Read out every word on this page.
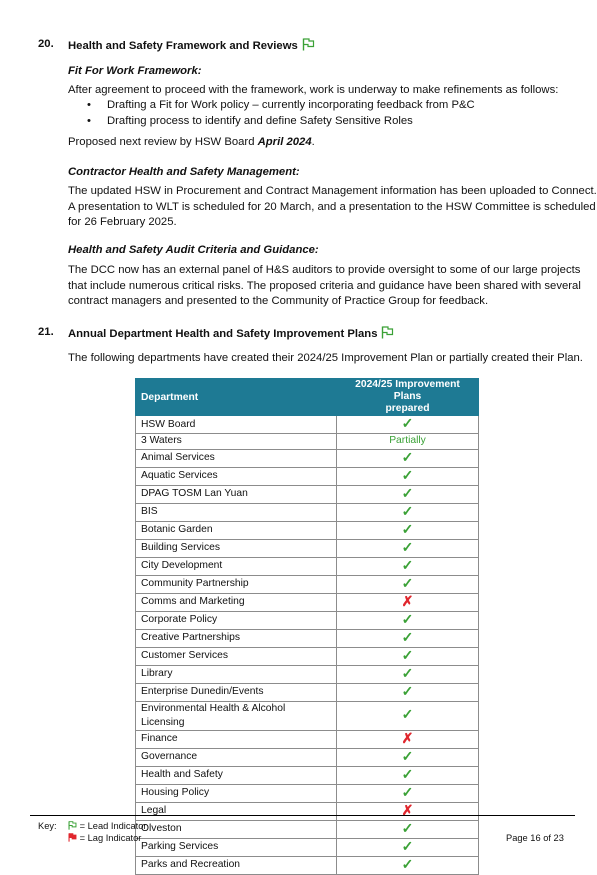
20. Health and Safety Framework and Reviews
Fit For Work Framework:
After agreement to proceed with the framework, work is underway to make refinements as follows:
• Drafting a Fit for Work policy – currently incorporating feedback from P&C
• Drafting process to identify and define Safety Sensitive Roles
Proposed next review by HSW Board April 2024.
Contractor Health and Safety Management:
The updated HSW in Procurement and Contract Management information has been uploaded to Connect.
A presentation to WLT is scheduled for 20 March, and a presentation to the HSW Committee is scheduled
for 26 February 2025.
Health and Safety Audit Criteria and Guidance:
The DCC now has an external panel of H&S auditors to provide oversight to some of our large projects
that include numerous critical risks. The proposed criteria and guidance have been shared with several
contract managers and presented to the Community of Practice Group for feedback.
21. Annual Department Health and Safety Improvement Plans
The following departments have created their 2024/25 Improvement Plan or partially created their Plan.
Department	2024/25 Improvement Plans
prepared

HSW Board	✓
3 Waters	Partially
Animal Services	✓
Aquatic Services	✓
DPAG TOSM Lan Yuan	✓
BIS	✓
Botanic Garden	✓
Building Services	✓
City Development	✓
Community Partnership	✓
Comms and Marketing	✗
Corporate Policy	✓
Creative Partnerships	✓
Customer Services	✓
Library	✓
Enterprise Dunedin/Events	✓
Environmental Health & Alcohol Licensing	✓
Finance	✗
Governance	✓
Health and Safety	✓
Housing Policy	✓
Legal	✗
Olveston	✓
Parking Services	✓
Parks and Recreation	✓
Key:	= Lead Indicator
= Lag Indicator	Page 16 of 23
